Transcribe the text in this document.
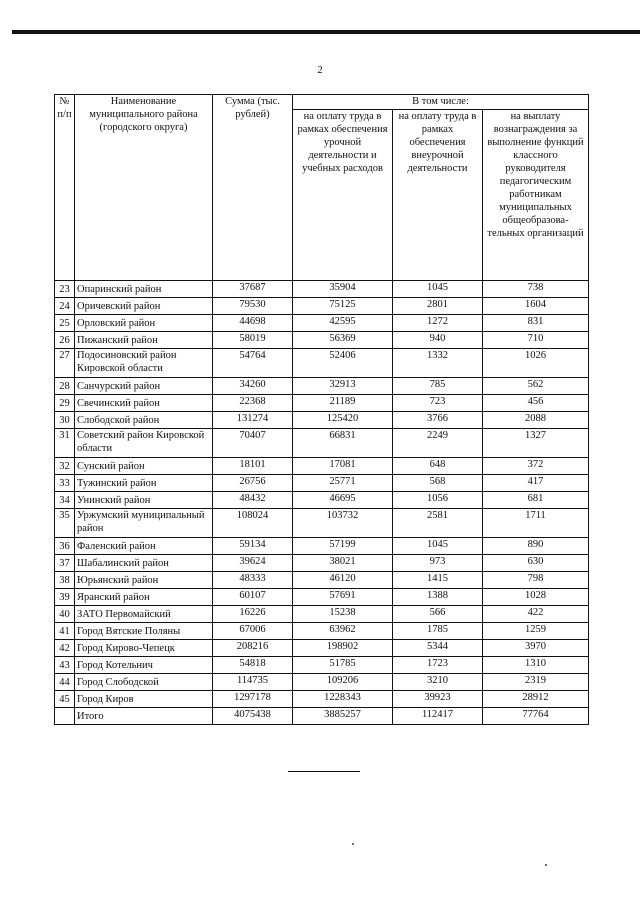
2
№ п/п	Наименование муниципального района (городского округа)	Сумма (тыс. рублей)	В том числе:		
			на оплату труда в рамках обеспечения урочной деятельности и учебных расходов	на оплату труда в рамках обеспечения внеурочной деятельности	на выплату вознаграждения за выполнение функций классного руководителя педагогическим работникам муниципальных общеобразова-тельных организаций
23	Опаринский район	37687	35904	1045	738
24	Оричевский район	79530	75125	2801	1604
25	Орловский район	44698	42595	1272	831
26	Пижанский район	58019	56369	940	710
27	Подосиновский район Кировской области	54764	52406	1332	1026
28	Санчурский район	34260	32913	785	562
29	Свечинский район	22368	21189	723	456
30	Слободской район	131274	125420	3766	2088
31	Советский район Кировской области	70407	66831	2249	1327
32	Сунский район	18101	17081	648	372
33	Тужинский район	26756	25771	568	417
34	Унинский район	48432	46695	1056	681
35	Уржумский муниципальный район	108024	103732	2581	1711
36	Фаленский район	59134	57199	1045	890
37	Шабалинский район	39624	38021	973	630
38	Юрьянский район	48333	46120	1415	798
39	Яранский район	60107	57691	1388	1028
40	ЗАТО Первомайский	16226	15238	566	422
41	Город Вятские Поляны	67006	63962	1785	1259
42	Город Кирово-Чепецк	208216	198902	5344	3970
43	Город Котельнич	54818	51785	1723	1310
44	Город Слободской	114735	109206	3210	2319
45	Город Киров	1297178	1228343	39923	28912
	Итого	4075438	3885257	112417	77764
